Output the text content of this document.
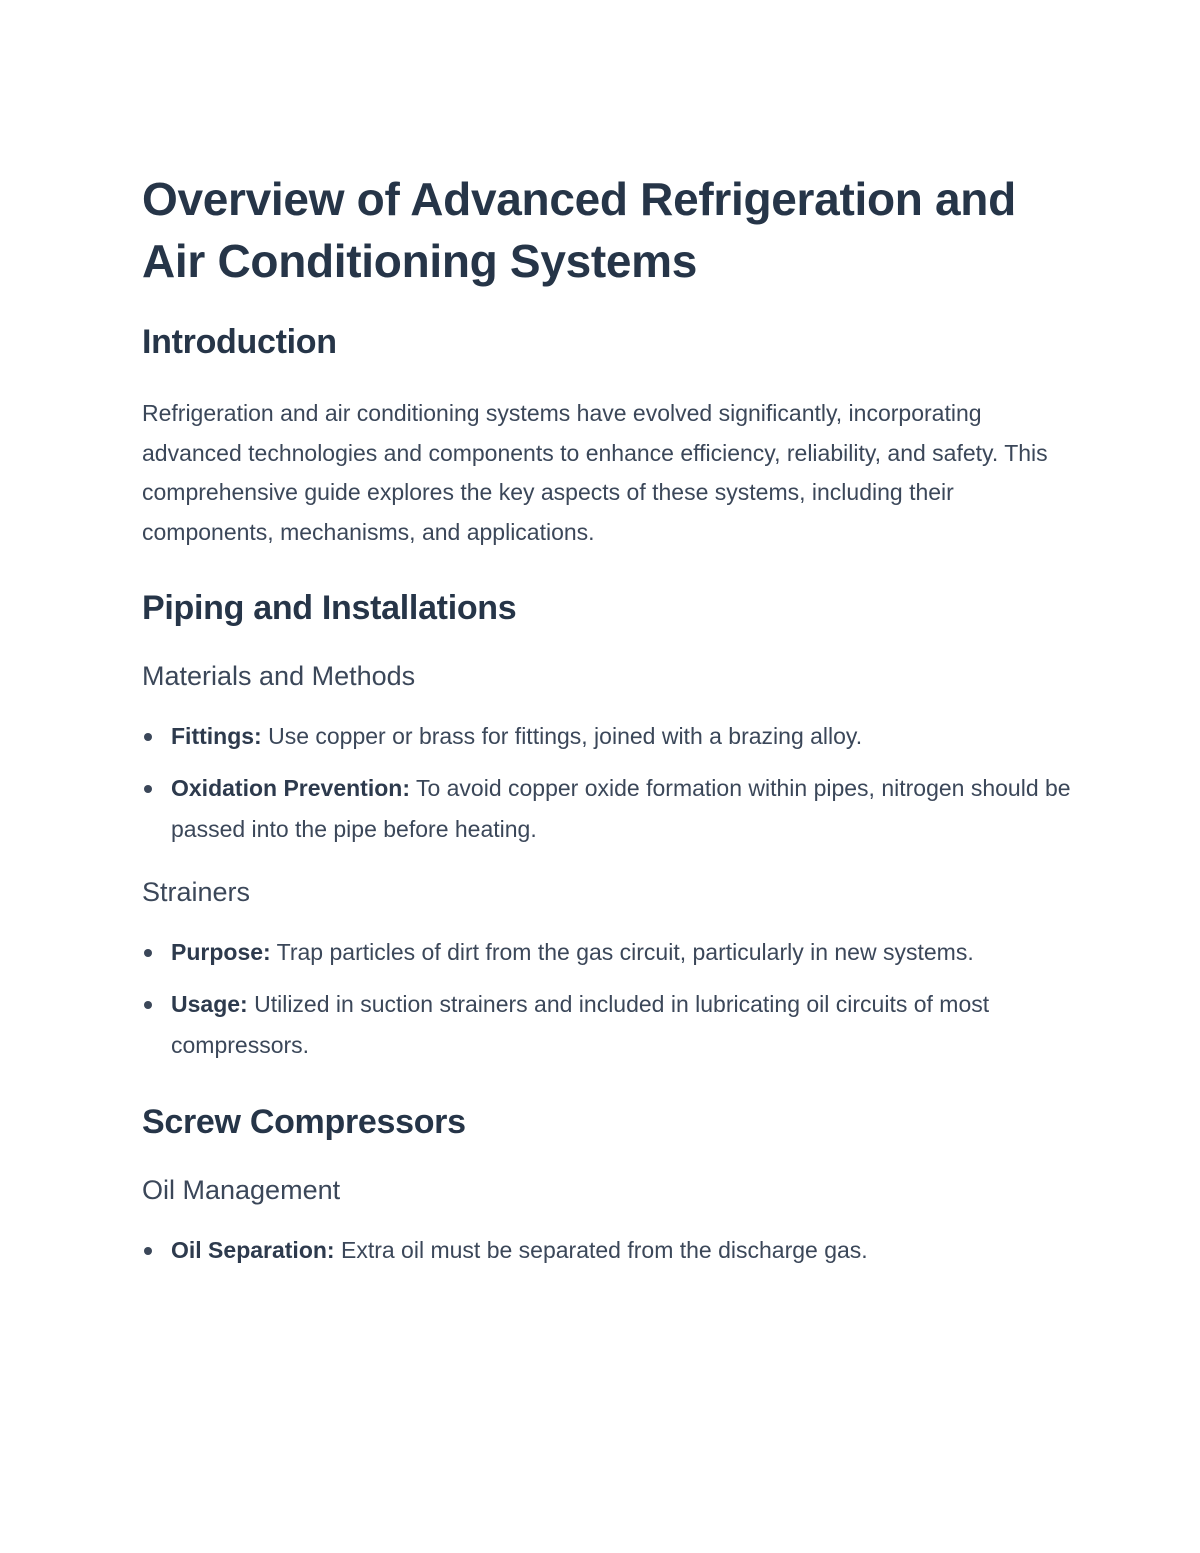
Overview of Advanced Refrigeration and Air Conditioning Systems
Introduction

Refrigeration and air conditioning systems have evolved significantly, incorporating advanced technologies and components to enhance efficiency, reliability, and safety. This comprehensive guide explores the key aspects of these systems, including their components, mechanisms, and applications.

Piping and Installations
Materials and Methods
Fittings: Use copper or brass for fittings, joined with a brazing alloy.
Oxidation Prevention: To avoid copper oxide formation within pipes, nitrogen should be passed into the pipe before heating.
Strainers
Purpose: Trap particles of dirt from the gas circuit, particularly in new systems.
Usage: Utilized in suction strainers and included in lubricating oil circuits of most compressors.
Screw Compressors
Oil Management
Oil Separation: Extra oil must be separated from the discharge gas.
